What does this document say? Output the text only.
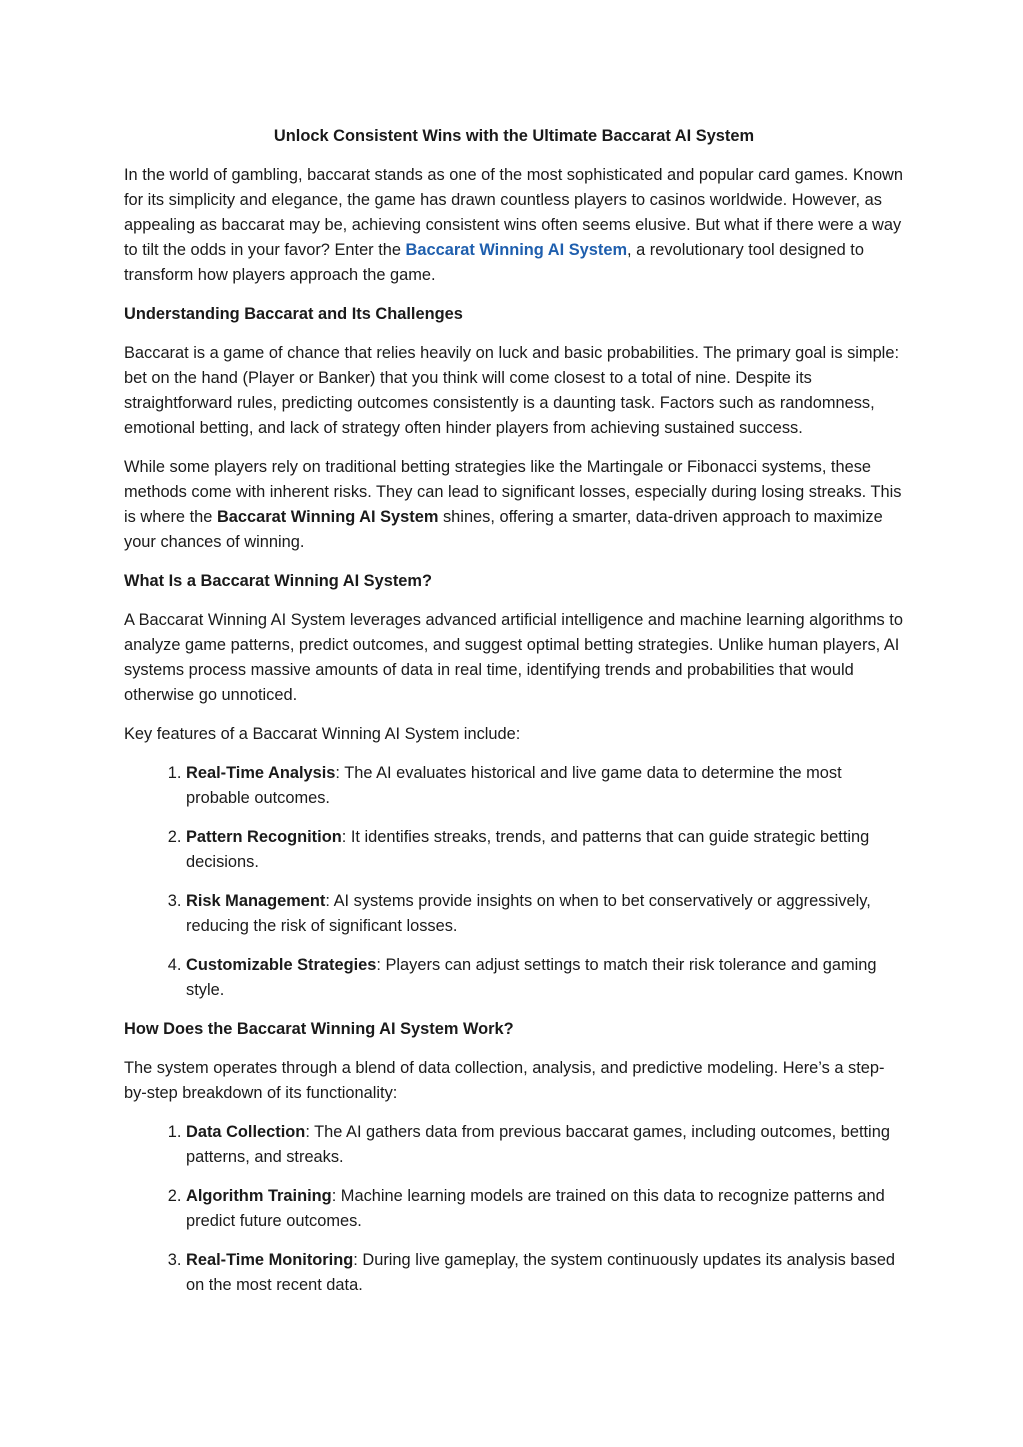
Unlock Consistent Wins with the Ultimate Baccarat AI System

In the world of gambling, baccarat stands as one of the most sophisticated and popular card games. Known for its simplicity and elegance, the game has drawn countless players to casinos worldwide. However, as appealing as baccarat may be, achieving consistent wins often seems elusive. But what if there were a way to tilt the odds in your favor? Enter the Baccarat Winning AI System, a revolutionary tool designed to transform how players approach the game.

Understanding Baccarat and Its Challenges

Baccarat is a game of chance that relies heavily on luck and basic probabilities. The primary goal is simple: bet on the hand (Player or Banker) that you think will come closest to a total of nine. Despite its straightforward rules, predicting outcomes consistently is a daunting task. Factors such as randomness, emotional betting, and lack of strategy often hinder players from achieving sustained success.

While some players rely on traditional betting strategies like the Martingale or Fibonacci systems, these methods come with inherent risks. They can lead to significant losses, especially during losing streaks. This is where the Baccarat Winning AI System shines, offering a smarter, data-driven approach to maximize your chances of winning.

What Is a Baccarat Winning AI System?

A Baccarat Winning AI System leverages advanced artificial intelligence and machine learning algorithms to analyze game patterns, predict outcomes, and suggest optimal betting strategies. Unlike human players, AI systems process massive amounts of data in real time, identifying trends and probabilities that would otherwise go unnoticed.

Key features of a Baccarat Winning AI System include:

1. Real-Time Analysis: The AI evaluates historical and live game data to determine the most probable outcomes.
2. Pattern Recognition: It identifies streaks, trends, and patterns that can guide strategic betting decisions.
3. Risk Management: AI systems provide insights on when to bet conservatively or aggressively, reducing the risk of significant losses.
4. Customizable Strategies: Players can adjust settings to match their risk tolerance and gaming style.
How Does the Baccarat Winning AI System Work?

The system operates through a blend of data collection, analysis, and predictive modeling. Here’s a step-by-step breakdown of its functionality:

1. Data Collection: The AI gathers data from previous baccarat games, including outcomes, betting patterns, and streaks.
2. Algorithm Training: Machine learning models are trained on this data to recognize patterns and predict future outcomes.
3. Real-Time Monitoring: During live gameplay, the system continuously updates its analysis based on the most recent data.
